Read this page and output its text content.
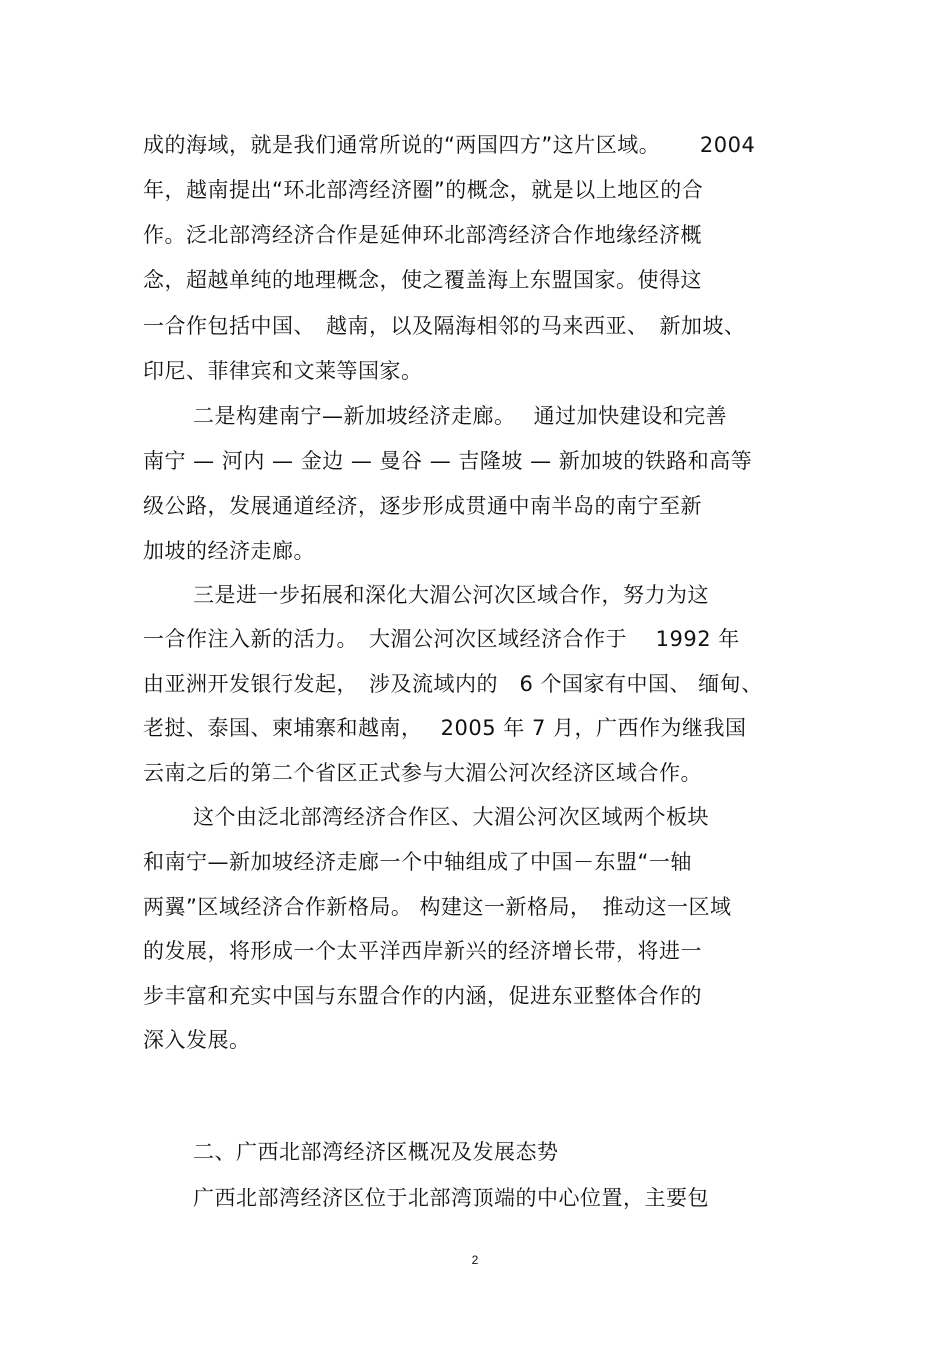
成的海域，就是我们通常所说的“两国四方”这片区域。　　 2004
年，越南提出“环北部湾经济圈”的概念，就是以上地区的合
作。泛北部湾经济合作是延伸环北部湾经济合作地缘经济概
念，超越单纯的地理概念，使之覆盖海上东盟国家。使得这
一合作包括中国、　越南，以及隔海相邻的马来西亚、　新加坡、
印尼、菲律宾和文莱等国家。
二是构建南宁—新加坡经济走廊。　 通过加快建设和完善
南宁 — 河内 — 金边 — 曼谷 — 吉隆坡 — 新加坡的铁路和高等
级公路，发展通道经济，逐步形成贯通中南半岛的南宁至新
加坡的经济走廊。
三是进一步拓展和深化大湄公河次区域合作，努力为这
一合作注入新的活力。　大湄公河次区域经济合作于　 1992 年
由亚洲开发银行发起，　涉及流域内的　6 个国家有中国、 缅甸、
老挝、泰国、柬埔寨和越南，　 2005 年 7 月，广西作为继我国
云南之后的第二个省区正式参与大湄公河次经济区域合作。
这个由泛北部湾经济合作区、大湄公河次区域两个板块
和南宁—新加坡经济走廊一个中轴组成了中国－东盟“一轴
两翼”区域经济合作新格局。 构建这一新格局，　推动这一区域
的发展，将形成一个太平洋西岸新兴的经济增长带，将进一
步丰富和充实中国与东盟合作的内涵，促进东亚整体合作的
深入发展。
二、广西北部湾经济区概况及发展态势
广西北部湾经济区位于北部湾顶端的中心位置，主要包
2
